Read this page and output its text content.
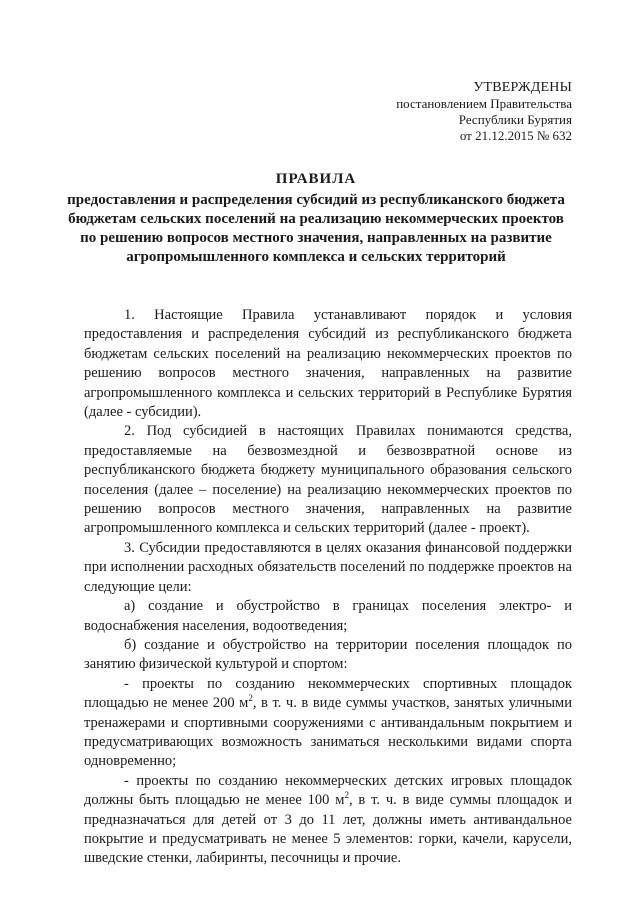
УТВЕРЖДЕНЫ
постановлением Правительства
Республики Бурятия
от 21.12.2015 № 632
ПРАВИЛА
предоставления и распределения субсидий из республиканского бюджета бюджетам сельских поселений на реализацию некоммерческих проектов по решению вопросов местного значения, направленных на развитие агропромышленного комплекса и сельских территорий

1. Настоящие Правила устанавливают порядок и условия предоставления и распределения субсидий из республиканского бюджета бюджетам сельских поселений на реализацию некоммерческих проектов по решению вопросов местного значения, направленных на развитие агропромышленного комплекса и сельских территорий в Республике Бурятия (далее - субсидии).

2. Под субсидией в настоящих Правилах понимаются средства, предоставляемые на безвозмездной и безвозвратной основе из республиканского бюджета бюджету муниципального образования сельского поселения (далее – поселение) на реализацию некоммерческих проектов по решению вопросов местного значения, направленных на развитие агропромышленного комплекса и сельских территорий (далее - проект).

3. Субсидии предоставляются в целях оказания финансовой поддержки при исполнении расходных обязательств поселений по поддержке проектов на следующие цели:

а) создание и обустройство в границах поселения электро- и водоснабжения населения, водоотведения;

б) создание и обустройство на территории поселения площадок по занятию физической культурой и спортом:

- проекты по созданию некоммерческих спортивных площадок площадью не менее 200 $м^2$, в т. ч. в виде суммы участков, занятых уличными тренажерами и спортивными сооружениями с антивандальным покрытием и предусматривающих возможность заниматься несколькими видами спорта одновременно;

- проекты по созданию некоммерческих детских игровых площадок должны быть площадью не менее 100 $м^2$, в т. ч. в виде суммы площадок и предназначаться для детей от 3 до 11 лет, должны иметь антивандальное покрытие и предусматривать не менее 5 элементов: горки, качели, карусели, шведские стенки, лабиринты, песочницы и прочие.
